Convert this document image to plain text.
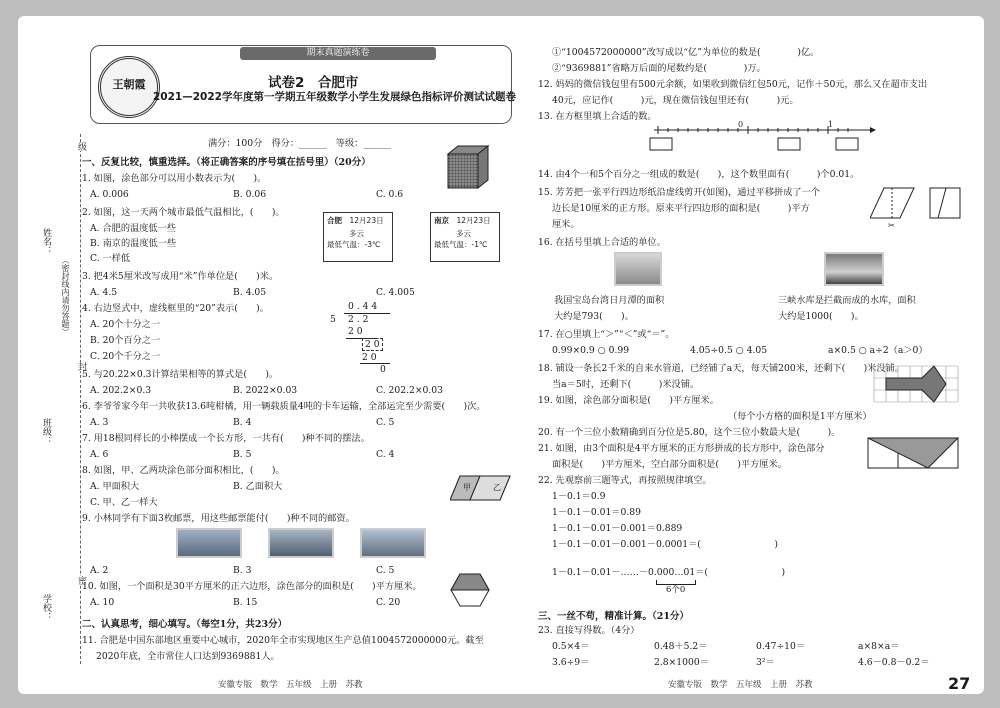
期末真题演练卷
王朝霞	试卷2　合肥市
2021—2022学年度第一学期五年级数学小学生发展绿色指标评价测试试题卷
满分：100分　得分：______　等级：______
姓名：
班级：
学校：
（密封线内请勿答题）
级
封
密
一、反复比较，慎重选择。（将正确答案的序号填在括号里）（20分）
1. 如图，涂色部分可以用小数表示为(　　)。
A. 0.006	B. 0.06	C. 0.6
2. 如图，这一天两个城市最低气温相比，(　　)。
A. 合肥的温度低一些
B. 南京的温度低一些
C. 一样低
合肥　 12月23日
多云
最低气温：-3℃
南京　 12月23日
多云
最低气温：-1℃
3. 把4米5厘米改写成用“米”作单位是(　　)米。
A. 4.5	B. 4.05	C. 4.005
4. 右边竖式中，虚线框里的“20”表示(　　)。
A. 20个十分之一
B. 20个百分之一
C. 20个千分之一
0 . 4 4
5 2 . 2
2 0
2 0
2 0
0
5. 与20.22×0.3计算结果相等的算式是(　　)。
A. 202.2×0.3	B. 2022×0.03	C. 202.2×0.03
6. 李爷爷家今年一共收获13.6吨柑橘，用一辆载质量4吨的卡车运输，全部运完至少需要(　　)次。
A. 3	B. 4	C. 5
7. 用18根同样长的小棒摆成一个长方形，一共有(　　)种不同的摆法。
A. 6	B. 5	C. 4
8. 如图，甲、乙两块涂色部分面积相比，(　　)。
A. 甲面积大	B. 乙面积大
C. 甲、乙一样大
甲	乙
9. 小林同学有下面3枚邮票，用这些邮票能付(　　)种不同的邮资。
A. 2	B. 3	C. 5
10. 如图，一个面积是30平方厘米的正六边形，涂色部分的面积是(　　)平方厘米。
A. 10	B. 15	C. 20
二、认真思考，细心填写。（每空1分，共23分）
11. 合肥是中国东部地区重要中心城市，2020年全市实现地区生产总值1004572000000元。截至
2020年底，全市常住人口达到9369881人。
安徽专版　数学　五年级　上册　苏教
①“1004572000000”改写成以“亿”为单位的数是(　　　　)亿。
②“9369881”省略万后面的尾数约是(　　　　)万。
12. 妈妈的微信钱包里有500元余额，如果收到微信红包50元，记作＋50元，那么又在超市支出
40元，应记作(　　　)元，现在微信钱包里还有(　　　)元。
13. 在方框里填上合适的数。
0	1
14. 由4个一和5个百分之一组成的数是(　　)，这个数里面有(　　　)个0.01。
15. 芳芳把一张平行四边形纸沿虚线剪开(如图)，通过平移拼成了一个
边长是10厘米的正方形。原来平行四边形的面积是(　　　)平方
厘米。	✂
16. 在括号里填上合适的单位。
我国宝岛台湾日月潭的面积
大约是793(　　)。
三峡水库是拦截而成的水库，面积
大约是1000(　　)。
17. 在○里填上“＞”“＜”或“＝”。
0.99×0.9 ○ 0.99	4.05÷0.5 ○ 4.05	a×0.5 ○ a÷2（a＞0）
18. 铺设一条长2千米的自来水管道，已经铺了a天，每天铺200米，还剩下(　　)米没铺。
当a＝5时，还剩下(　　　)米没铺。
19. 如图，涂色部分面积是(　　)平方厘米。
（每个小方格的面积是1平方厘米）
20. 有一个三位小数精确到百分位是5.80，这个三位小数最大是(　　　)。
21. 如图，由3个面积是4平方厘米的正方形拼成的长方形中，涂色部分
面积是(　　)平方厘米，空白部分面积是(　　)平方厘米。
22. 先观察前三题等式，再按照规律填空。
1－0.1＝0.9
1－0.1－0.01＝0.89
1－0.1－0.01－0.001＝0.889
1－0.1－0.01－0.001－0.0001＝(　　　　　　　　)
1－0.1－0.01－……－0.000…01＝(　　　　　　　　)
6个0
三、一丝不苟，精准计算。（21分）
23. 直接写得数。（4分）
0.5×4＝	0.48＋5.2＝	0.47÷10＝	a×8×a＝
3.6÷9＝	2.8×1000＝	3²＝	4.6－0.8－0.2＝
安徽专版　数学　五年级　上册　苏教	27
